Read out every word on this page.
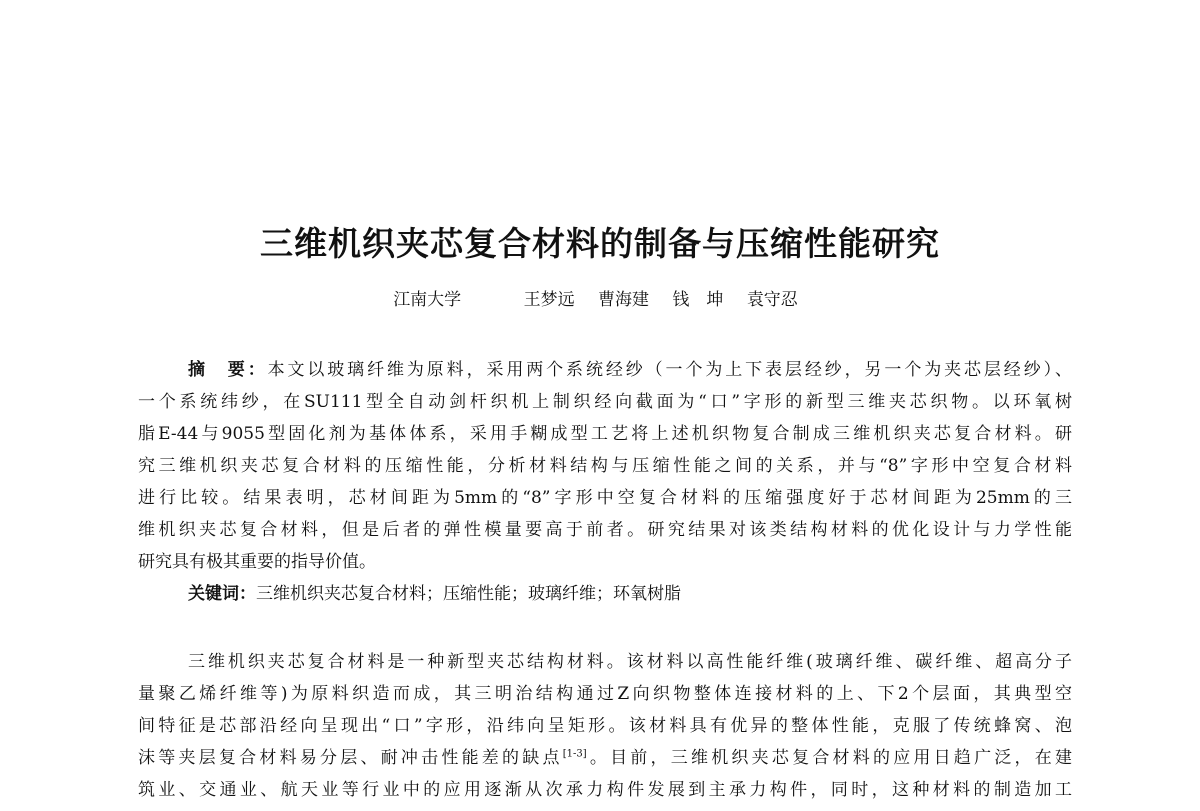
三维机织夹芯复合材料的制备与压缩性能研究
江南大学	王梦远 曹海建 钱　坤 袁守忍
摘　要：本文以玻璃纤维为原料，采用两个系统经纱（一个为上下表层经纱，另一个为夹芯层经纱）、
一个系统纬纱，在SU111型全自动剑杆织机上制织经向截面为“口”字形的新型三维夹芯织物。以环氧树
脂E-44与9055型固化剂为基体体系，采用手糊成型工艺将上述机织物复合制成三维机织夹芯复合材料。研
究三维机织夹芯复合材料的压缩性能，分析材料结构与压缩性能之间的关系，并与“8”字形中空复合材料
进行比较。结果表明，芯材间距为5mm的“8”字形中空复合材料的压缩强度好于芯材间距为25mm的三
维机织夹芯复合材料，但是后者的弹性模量要高于前者。研究结果对该类结构材料的优化设计与力学性能
研究具有极其重要的指导价值。
关键词：三维机织夹芯复合材料；压缩性能；玻璃纤维；环氧树脂
三维机织夹芯复合材料是一种新型夹芯结构材料。该材料以高性能纤维(玻璃纤维、碳纤维、超高分子
量聚乙烯纤维等)为原料织造而成，其三明治结构通过Z向织物整体连接材料的上、下2个层面，其典型空
间特征是芯部沿经向呈现出“口”字形，沿纬向呈矩形。该材料具有优异的整体性能，克服了传统蜂窝、泡
沫等夹层复合材料易分层、耐冲击性能差的缺点[1-3]。目前，三维机织夹芯复合材料的应用日趋广泛，在建
筑业、交通业、航天业等行业中的应用逐渐从次承力构件发展到主承力构件，同时，这种材料的制造加工
